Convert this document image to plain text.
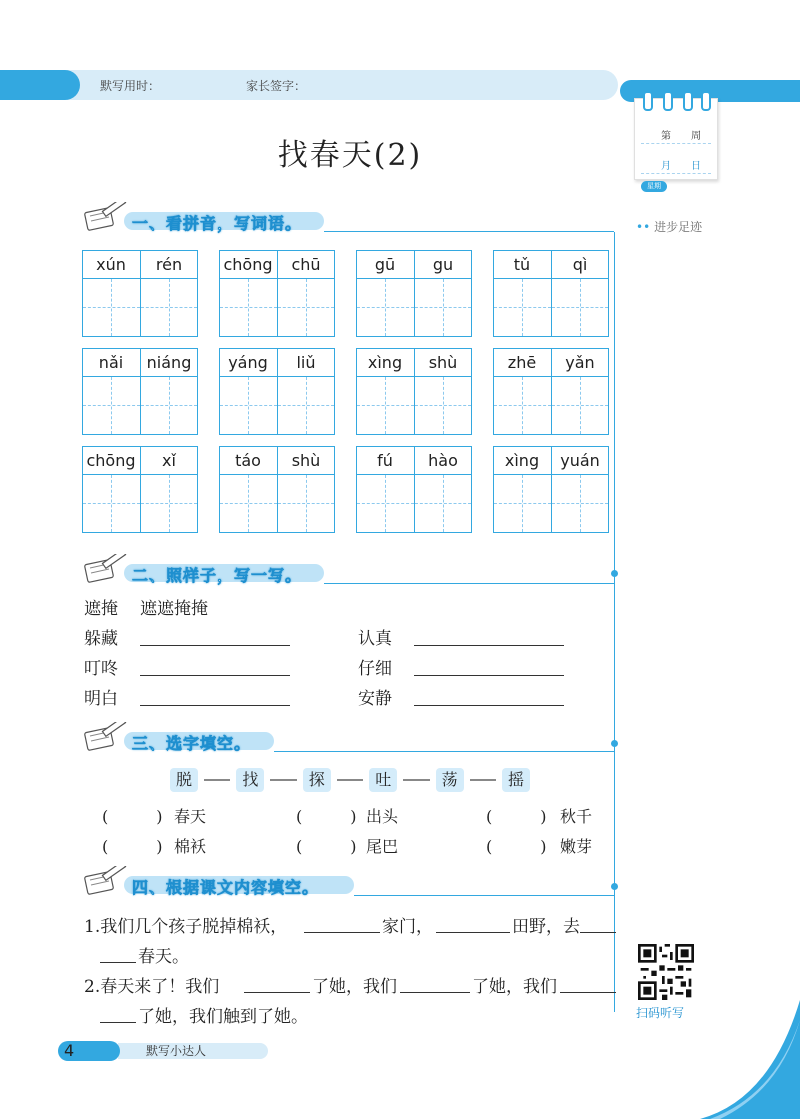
默写用时：	家长签字：
第　　周
月　　日
星期
•• 进步足迹
找春天(2)
一、看拼音，写词语。
xún	rén	chōng	chū	gū	gu	tǔ	qì
nǎi	niáng	yáng	liǔ	xìng	shù	zhē	yǎn
chōng	xǐ	táo	shù	fú	hào	xìng	yuán
二、照样子，写一写。
遮掩 遮遮掩掩
躲藏	认真
叮咚	仔细
明白	安静
三、选字填空。
脱	找	探	吐	荡	摇
(　　　) 春天	(　　　) 出头	(　　　) 秋千
(　　　) 棉袄	(　　　) 尾巴	(　　　) 嫩芽
四、根据课文内容填空。
1.我们几个孩子脱掉棉袄，	家门，	田野，去
春天。
2.春天来了！我们	了她，我们	了她，我们
了她，我们触到了她。	扫码听写
4	默写小达人
